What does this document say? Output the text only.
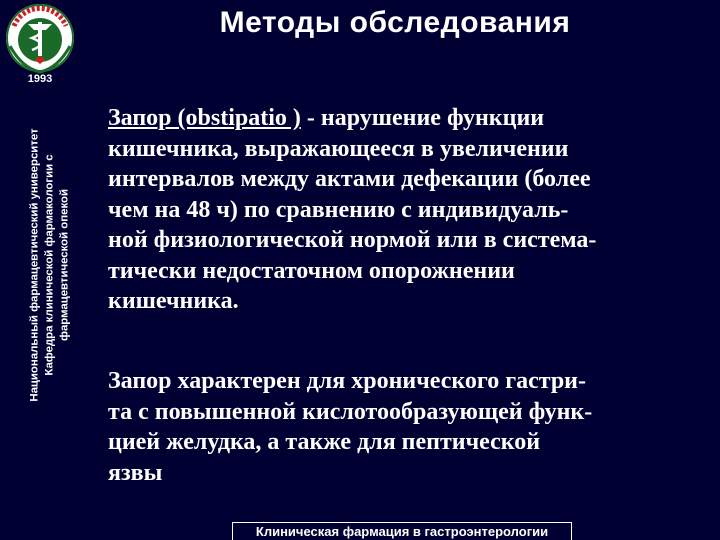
1993
Методы обследования
Национальный фармацевтический университет Кафедра клинической фармакологии с фармацевтической опекой

Запор (obstipatio ) - нарушение функции
кишечника, выражающееся в увеличении
интервалов между актами дефекации (более
чем на 48 ч) по сравнению с индивидуаль-
ной физиологической нормой или в система-
тически недостаточном опорожнении
кишечника.

Запор характерен для хронического гастри-
та с повышенной кислотообразующей функ-
цией желудка, а также для пептической
язвы

Клиническая фармация в гастроэнтерологии
